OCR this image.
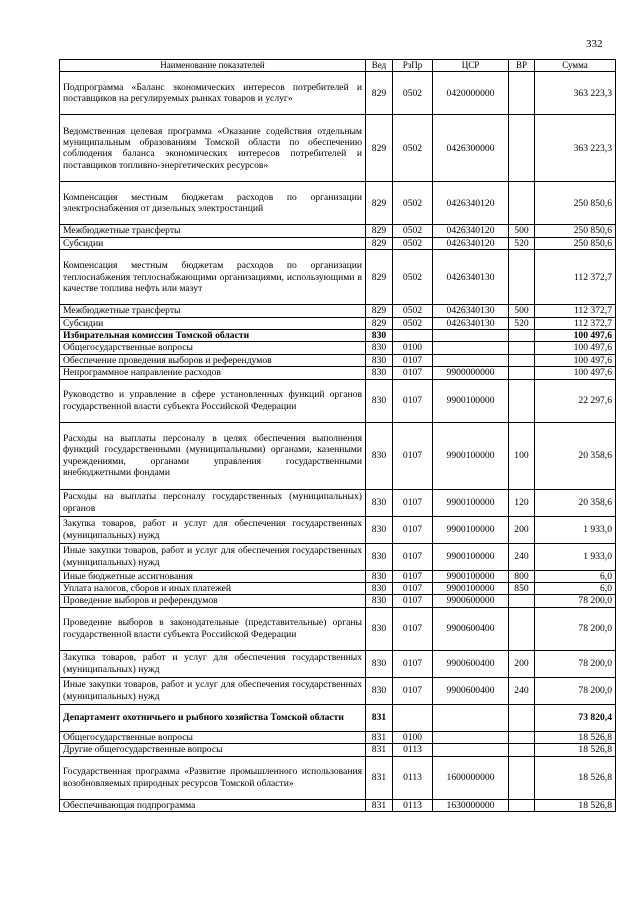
332
Наименование показателей	Вед	РзПр	ЦСР	ВР	Сумма
Подпрограмма «Баланс экономических интересов потребителей и поставщиков на регулируемых рынках товаров и услуг»	829	0502	0420000000		363 223,3
Ведомственная целевая программа «Оказание содействия отдельным муниципальным образованиям Томской области по обеспечению соблюдения баланса экономических интересов потребителей и поставщиков топливно-энергетических ресурсов»	829	0502	0426300000		363 223,3
Компенсация местным бюджетам расходов по организации электроснабжения от дизельных электростанций	829	0502	0426340120		250 850,6
Межбюджетные трансферты	829	0502	0426340120	500	250 850,6
Субсидии	829	0502	0426340120	520	250 850,6
Компенсация местным бюджетам расходов по организации теплоснабжения теплоснабжающими организациями, использующими в качестве топлива нефть или мазут	829	0502	0426340130		112 372,7
Межбюджетные трансферты	829	0502	0426340130	500	112 372,7
Субсидии	829	0502	0426340130	520	112 372,7
Избирательная комиссия Томской области	830				100 497,6
Общегосударственные вопросы	830	0100			100 497,6
Обеспечение проведения выборов и референдумов	830	0107			100 497,6
Непрограммное направление расходов	830	0107	9900000000		100 497,6
Руководство и управление в сфере установленных функций органов государственной власти субъекта Российской Федерации	830	0107	9900100000		22 297,6
Расходы на выплаты персоналу в целях обеспечения выполнения функций государственными (муниципальными) органами, казенными учреждениями, органами управления государственными внебюджетными фондами	830	0107	9900100000	100	20 358,6
Расходы на выплаты персоналу государственных (муниципальных) органов	830	0107	9900100000	120	20 358,6
Закупка товаров, работ и услуг для обеспечения государственных (муниципальных) нужд	830	0107	9900100000	200	1 933,0
Иные закупки товаров, работ и услуг для обеспечения государственных (муниципальных) нужд	830	0107	9900100000	240	1 933,0
Иные бюджетные ассигнования	830	0107	9900100000	800	6,0
Уплата налогов, сборов и иных платежей	830	0107	9900100000	850	6,0
Проведение выборов и референдумов	830	0107	9900600000		78 200,0
Проведение выборов в законодательные (представительные) органы государственной власти субъекта Российской Федерации	830	0107	9900600400		78 200,0
Закупка товаров, работ и услуг для обеспечения государственных (муниципальных) нужд	830	0107	9900600400	200	78 200,0
Иные закупки товаров, работ и услуг для обеспечения государственных (муниципальных) нужд	830	0107	9900600400	240	78 200,0
Департамент охотничьего и рыбного хозяйства Томской области	831				73 820,4
Общегосударственные вопросы	831	0100			18 526,8
Другие общегосударственные вопросы	831	0113			18 526,8
Государственная программа «Развитие промышленного использования возобновляемых природных ресурсов Томской области»	831	0113	1600000000		18 526,8
Обеспечивающая подпрограмма	831	0113	1630000000		18 526,8
